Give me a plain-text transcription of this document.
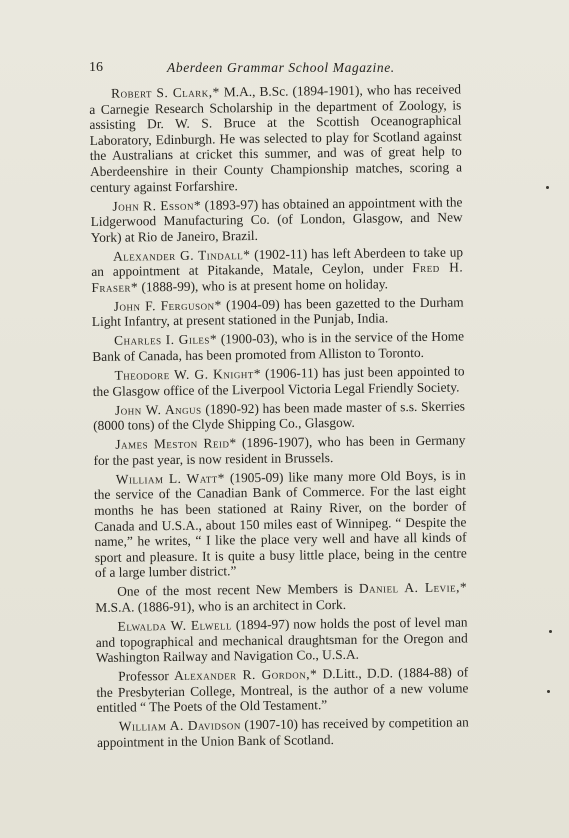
16	Aberdeen Grammar School Magazine.

Robert S. Clark,* M.A., B.Sc. (1894-1901), who has received a Carnegie Research Scholarship in the department of Zoology, is assisting Dr. W. S. Bruce at the Scottish Oceanographical Laboratory, Edinburgh. He was selected to play for Scotland against the Australians at cricket this summer, and was of great help to Aberdeenshire in their County Championship matches, scoring a century against Forfarshire.

John R. Esson* (1893-97) has obtained an appointment with the Lidgerwood Manufacturing Co. (of London, Glasgow, and New York) at Rio de Janeiro, Brazil.

Alexander G. Tindall* (1902-11) has left Aberdeen to take up an appointment at Pitakande, Matale, Ceylon, under Fred H. Fraser* (1888-99), who is at present home on holiday.

John F. Ferguson* (1904-09) has been gazetted to the Durham Light Infantry, at present stationed in the Punjab, India.

Charles I. Giles* (1900-03), who is in the service of the Home Bank of Canada, has been promoted from Alliston to Toronto.

Theodore W. G. Knight* (1906-11) has just been appointed to the Glasgow office of the Liverpool Victoria Legal Friendly Society.

John W. Angus (1890-92) has been made master of s.s. Skerries (8000 tons) of the Clyde Shipping Co., Glasgow.

James Meston Reid* (1896-1907), who has been in Germany for the past year, is now resident in Brussels.

William L. Watt* (1905-09) like many more Old Boys, is in the service of the Canadian Bank of Commerce. For the last eight months he has been stationed at Rainy River, on the border of Canada and U.S.A., about 150 miles east of Winnipeg. “ Despite the name,” he writes, “ I like the place very well and have all kinds of sport and pleasure. It is quite a busy little place, being in the centre of a large lumber district.”

One of the most recent New Members is Daniel A. Levie,* M.S.A. (1886-91), who is an architect in Cork.

Elwalda W. Elwell (1894-97) now holds the post of level man and topographical and mechanical draughtsman for the Oregon and Washington Railway and Navigation Co., U.S.A.

Professor Alexander R. Gordon,* D.Litt., D.D. (1884-88) of the Presbyterian College, Montreal, is the author of a new volume entitled “ The Poets of the Old Testament.”

William A. Davidson (1907-10) has received by competition an appointment in the Union Bank of Scotland.
